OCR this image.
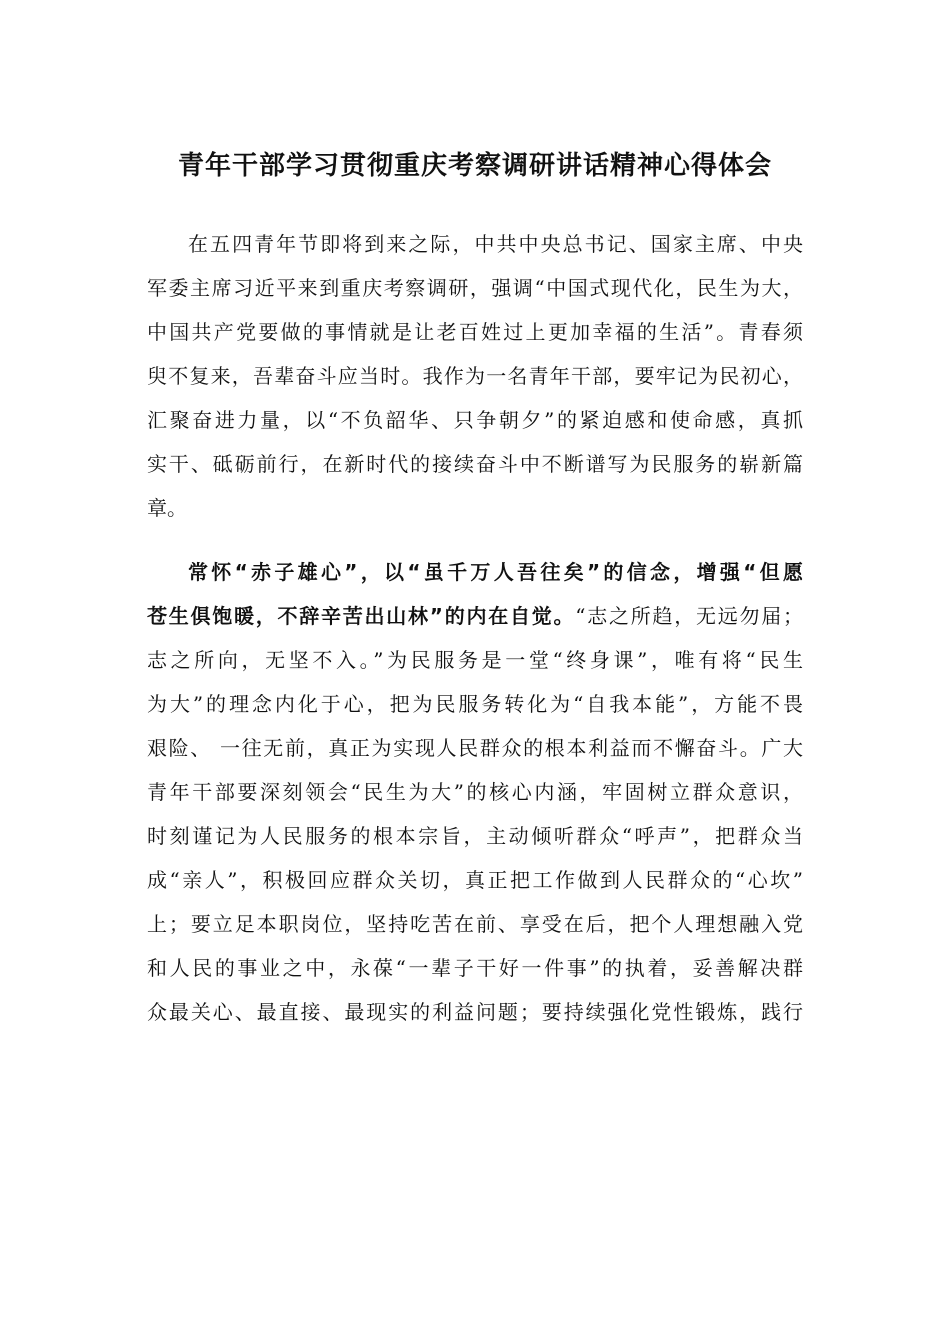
青年干部学习贯彻重庆考察调研讲话精神心得体会
在五四青年节即将到来之际，中共中央总书记、国家主席、中央
军委主席习近平来到重庆考察调研，强调“中国式现代化，民生为大，
中国共产党要做的事情就是让老百姓过上更加幸福的生活”。青春须
臾不复来，吾辈奋斗应当时。我作为一名青年干部，要牢记为民初心，
汇聚奋进力量，以“不负韶华、只争朝夕”的紧迫感和使命感，真抓
实干、砥砺前行，在新时代的接续奋斗中不断谱写为民服务的崭新篇
章。
常怀“赤子雄心”，以“虽千万人吾往矣”的信念，增强“但愿
苍生俱饱暖，不辞辛苦出山林”的内在自觉。“志之所趋，无远勿届；
志之所向，无坚不入。”为民服务是一堂“终身课”，唯有将“民生
为大”的理念内化于心，把为民服务转化为“自我本能”，方能不畏
艰险、 一往无前，真正为实现人民群众的根本利益而不懈奋斗。广大
青年干部要深刻领会“民生为大”的核心内涵，牢固树立群众意识，
时刻谨记为人民服务的根本宗旨，主动倾听群众“呼声”，把群众当
成“亲人”，积极回应群众关切，真正把工作做到人民群众的“心坎”
上；要立足本职岗位，坚持吃苦在前、享受在后，把个人理想融入党
和人民的事业之中，永葆“一辈子干好一件事”的执着，妥善解决群
众最关心、最直接、最现实的利益问题；要持续强化党性锻炼，践行
